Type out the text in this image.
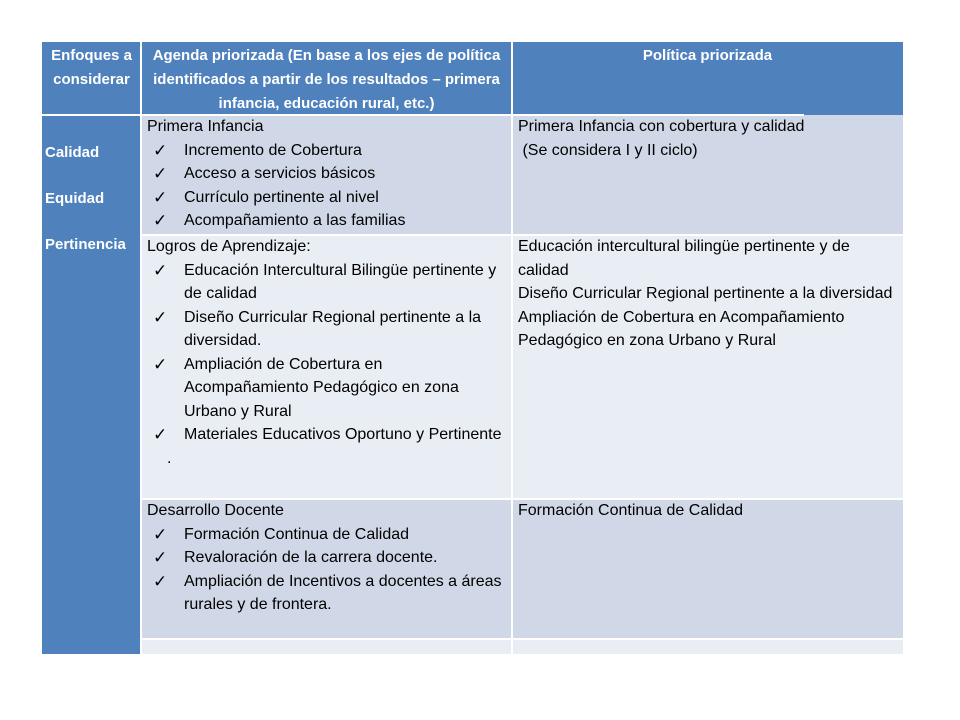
Enfoques a considerar
Agenda priorizada (En base a los ejes de política identificados a partir de los resultados – primera infancia, educación rural, etc.)
Política priorizada
Calidad
Equidad
Pertinencia
Primera Infancia
✓ Incremento de Cobertura
✓ Acceso a servicios básicos
✓ Currículo pertinente al nivel
✓ Acompañamiento a las familias
Primera Infancia con cobertura y calidad
(Se considera I y II ciclo)
Logros de Aprendizaje:
✓ Educación Intercultural Bilingüe pertinente y de calidad
✓ Diseño Curricular Regional pertinente a la diversidad.
✓ Ampliación de Cobertura en Acompañamiento Pedagógico en zona Urbano y Rural
✓ Materiales Educativos Oportuno y Pertinente
.
Educación intercultural bilingüe pertinente y de calidad
Diseño Curricular Regional pertinente a la diversidad
Ampliación de Cobertura en Acompañamiento Pedagógico en zona Urbano y Rural
Desarrollo Docente
✓ Formación Continua de Calidad
✓ Revaloración de la carrera docente.
✓ Ampliación de Incentivos a docentes a áreas rurales y de frontera.
Formación Continua de Calidad
